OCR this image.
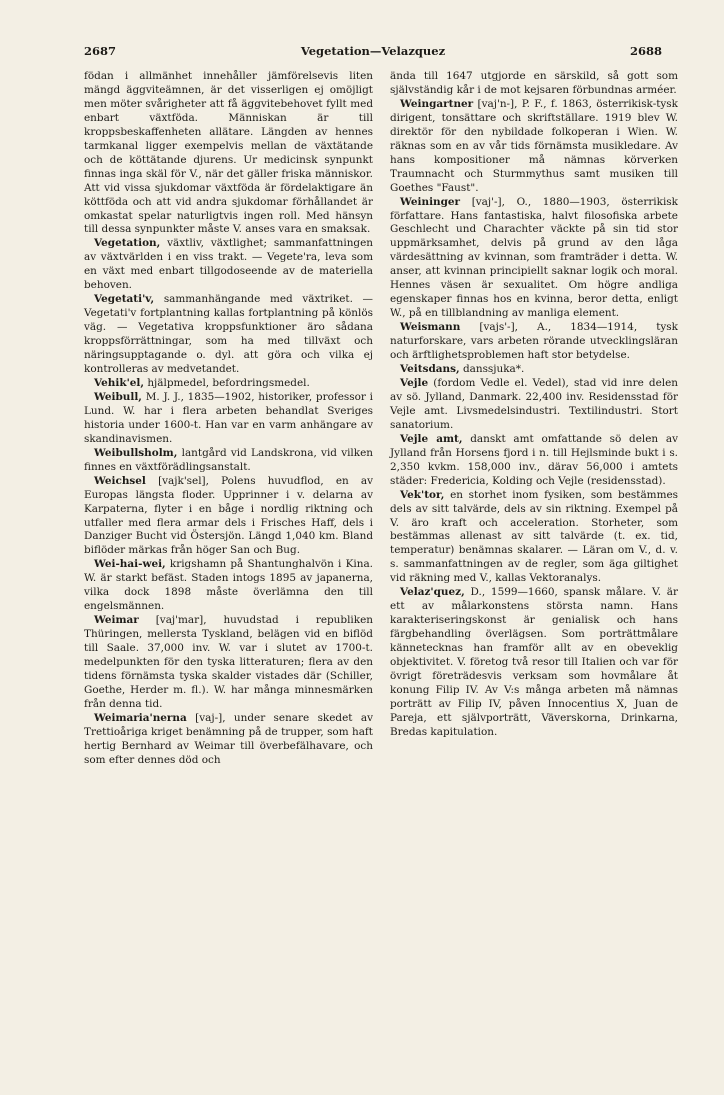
2687	Vegetation—Velazquez	2688

födan i allmänhet innehåller jämförelsevis liten mängd äggviteämnen, är det visserligen ej omöjligt men möter svårigheter att få äggvitebehovet fyllt med enbart växtföda. Människan är till kroppsbeskaffenheten allätare. Längden av hennes tarmkanal ligger exempelvis mellan de växtätande och de köttätande djurens. Ur medicinsk synpunkt finnas inga skäl för V., när det gäller friska människor. Att vid vissa sjukdomar växtföda är fördelaktigare än köttföda och att vid andra sjukdomar förhållandet är omkastat spelar naturligtvis ingen roll. Med hänsyn till dessa synpunkter måste V. anses vara en smaksak.

Vegetation, växtliv, växtlighet; sammanfattningen av växtvärlden i en viss trakt. — Vegete'ra, leva som en växt med enbart tillgodoseende av de materiella behoven.

Vegetati'v, sammanhängande med växtriket. — Vegetati'v fortplantning kallas fortplantning på könlös väg. — Vegetativa kroppsfunktioner äro sådana kroppsförrättningar, som ha med tillväxt och näringsupptagande o. dyl. att göra och vilka ej kontrolleras av medvetandet.

Vehik'el, hjälpmedel, befordringsmedel.

Weibull, M. J. J., 1835—1902, historiker, professor i Lund. W. har i flera arbeten behandlat Sveriges historia under 1600-t. Han var en varm anhängare av skandinavismen.

Weibullsholm, lantgård vid Landskrona, vid vilken finnes en växtförädlingsanstalt.

Weichsel [vajk'sel], Polens huvudflod, en av Europas längsta floder. Upprinner i v. delarna av Karpaterna, flyter i en båge i nordlig riktning och utfaller med flera armar dels i Frisches Haff, dels i Danziger Bucht vid Östersjön. Längd 1,040 km. Bland biflöder märkas från höger San och Bug.

Wei-hai-wei, krigshamn på Shantunghalvön i Kina. W. är starkt befäst. Staden intogs 1895 av japanerna, vilka dock 1898 måste överlämna den till engelsmännen.

Weimar [vaj'mar], huvudstad i republiken Thüringen, mellersta Tyskland, belägen vid en biflöd till Saale. 37,000 inv. W. var i slutet av 1700-t. medelpunkten för den tyska litteraturen; flera av den tidens förnämsta tyska skalder vistades där (Schiller, Goethe, Herder m. fl.). W. har många minnesmärken från denna tid.

Weimaria'nerna [vaj-], under senare skedet av Trettioåriga kriget benämning på de trupper, som haft hertig Bernhard av Weimar till överbefälhavare, och som efter dennes död och

ända till 1647 utgjorde en särskild, så gott som självständig kår i de mot kejsaren förbundnas arméer.

Weingartner [vaj'n-], P. F., f. 1863, österrikisk-tysk dirigent, tonsättare och skriftställare. 1919 blev W. direktör för den nybildade folkoperan i Wien. W. räknas som en av vår tids förnämsta musikledare. Av hans kompositioner må nämnas körverken Traumnacht och Sturmmythus samt musiken till Goethes "Faust".

Weininger [vaj'-], O., 1880—1903, österrikisk författare. Hans fantastiska, halvt filosofiska arbete Geschlecht und Charachter väckte på sin tid stor uppmärksamhet, delvis på grund av den låga värdesättning av kvinnan, som framträder i detta. W. anser, att kvinnan principiellt saknar logik och moral. Hennes väsen är sexualitet. Om högre andliga egenskaper finnas hos en kvinna, beror detta, enligt W., på en tillblandning av manliga element.

Weismann [vajs'-], A., 1834—1914, tysk naturforskare, vars arbeten rörande utvecklingsläran och ärftlighetsproblemen haft stor betydelse.

Veitsdans, danssjuka*.

Vejle (fordom Vedle el. Vedel), stad vid inre delen av sö. Jylland, Danmark. 22,400 inv. Residensstad för Vejle amt. Livsmedelsindustri. Textilindustri. Stort sanatorium.

Vejle amt, danskt amt omfattande sö delen av Jylland från Horsens fjord i n. till Hejlsminde bukt i s. 2,350 kvkm. 158,000 inv., därav 56,000 i amtets städer: Fredericia, Kolding och Vejle (residensstad).

Vek'tor, en storhet inom fysiken, som bestämmes dels av sitt talvärde, dels av sin riktning. Exempel på V. äro kraft och acceleration. Storheter, som bestämmas allenast av sitt talvärde (t. ex. tid, temperatur) benämnas skalarer. — Läran om V., d. v. s. sammanfattningen av de regler, som äga giltighet vid räkning med V., kallas Vektoranalys.

Velaz'quez, D., 1599—1660, spansk målare. V. är ett av målarkonstens största namn. Hans karakteriseringskonst är genialisk och hans färgbehandling överlägsen. Som porträttmålare kännetecknas han framför allt av en obeveklig objektivitet. V. företog två resor till Italien och var för övrigt företrädesvis verksam som hovmålare åt konung Filip IV. Av V:s många arbeten må nämnas porträtt av Filip IV, påven Innocentius X, Juan de Pareja, ett självporträtt, Väverskorna, Drinkarna, Bredas kapitulation.
